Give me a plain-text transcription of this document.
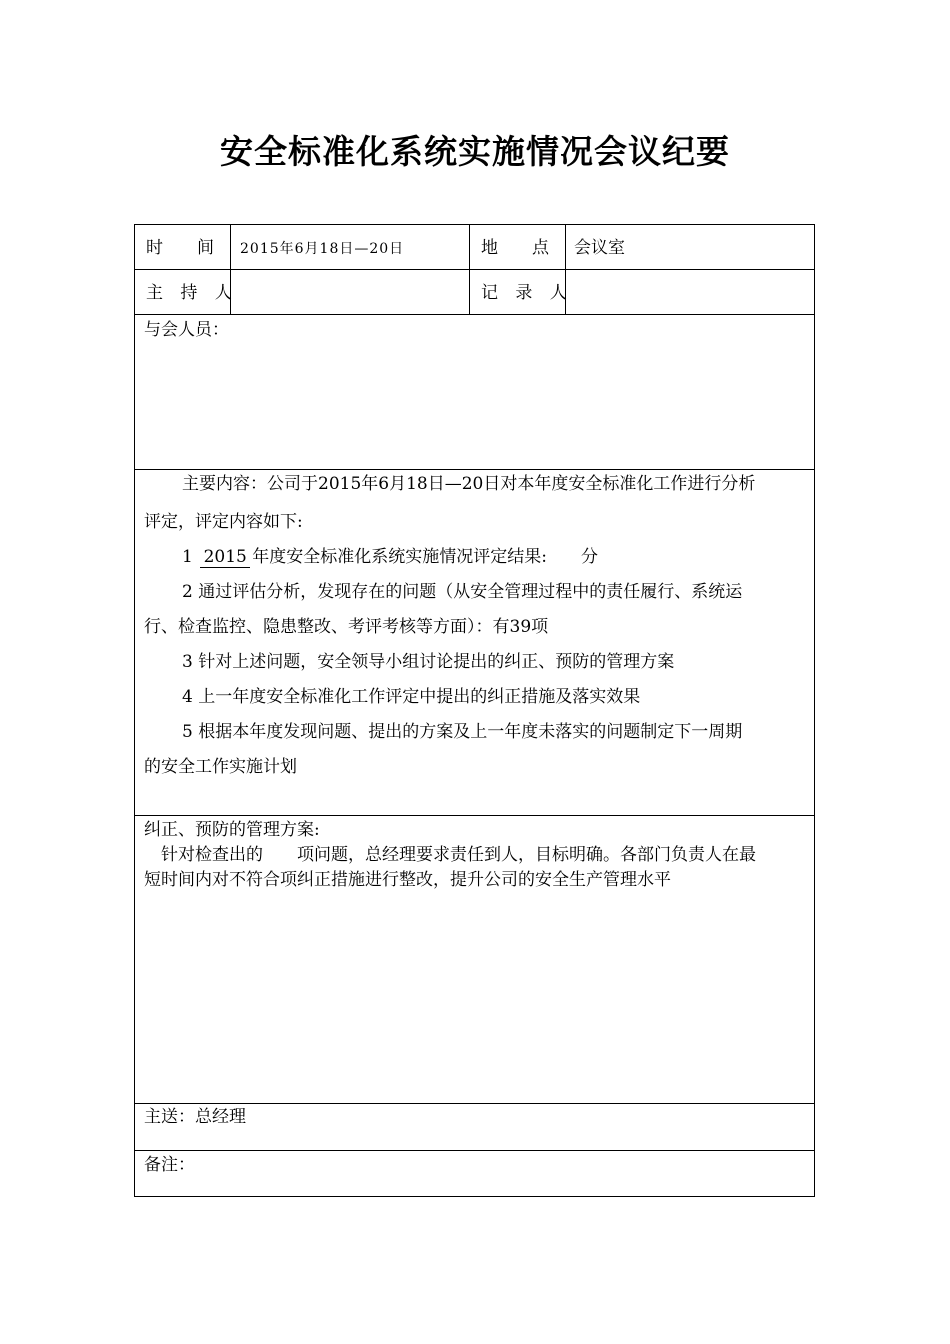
安全标准化系统实施情况会议纪要
时　　间 2015年6月18日—20日	地　　点 会议室
主 持 人	记 录 人
与会人员：
主要内容：公司于2015年6月18日—20日对本年度安全标准化工作进行分析
评定，评定内容如下:
1 2015 年度安全标准化系统实施情况评定结果:　　分
2 通过评估分析，发现存在的问题（从安全管理过程中的责任履行、系统运
行、检查监控、隐患整改、考评考核等方面）：有39项
3 针对上述问题，安全领导小组讨论提出的纠正、预防的管理方案
4 上一年度安全标准化工作评定中提出的纠正措施及落实效果
5 根据本年度发现问题、提出的方案及上一年度未落实的问题制定下一周期
的安全工作实施计划
纠正、预防的管理方案:
针对检查出的　　项问题，总经理要求责任到人，目标明确。各部门负责人在最
短时间内对不符合项纠正措施进行整改，提升公司的安全生产管理水平
主送：总经理
备注：
